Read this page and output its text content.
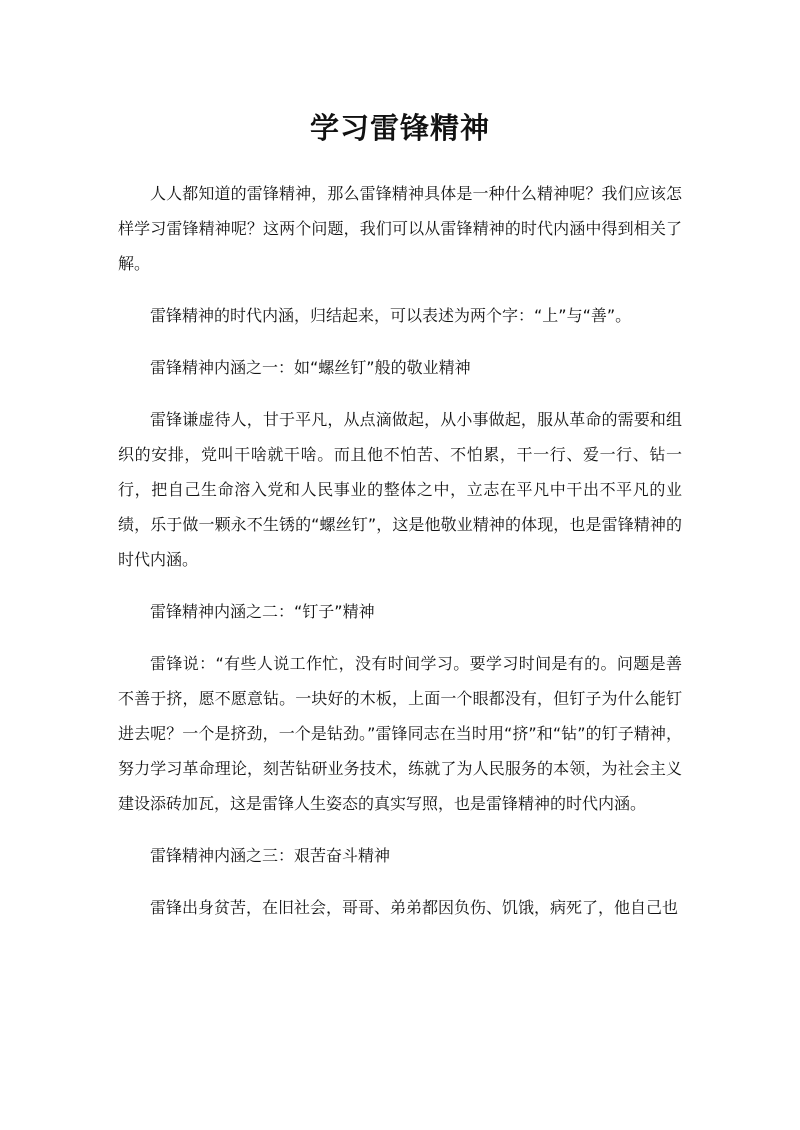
学习雷锋精神

人人都知道的雷锋精神，那么雷锋精神具体是一种什么精神呢？我们应该怎样学习雷锋精神呢？这两个问题，我们可以从雷锋精神的时代内涵中得到相关了解。

雷锋精神的时代内涵，归结起来，可以表述为两个字：“上”与“善”。

雷锋精神内涵之一：如“螺丝钉”般的敬业精神

雷锋谦虚待人，甘于平凡，从点滴做起，从小事做起，服从革命的需要和组织的安排，党叫干啥就干啥。而且他不怕苦、不怕累，干一行、爱一行、钻一行，把自己生命溶入党和人民事业的整体之中，立志在平凡中干出不平凡的业绩，乐于做一颗永不生锈的“螺丝钉”，这是他敬业精神的体现，也是雷锋精神的时代内涵。

雷锋精神内涵之二：“钉子”精神

雷锋说：“有些人说工作忙，没有时间学习。要学习时间是有的。问题是善不善于挤，愿不愿意钻。一块好的木板，上面一个眼都没有，但钉子为什么能钉进去呢？一个是挤劲，一个是钻劲。”雷锋同志在当时用“挤”和“钻”的钉子精神，努力学习革命理论，刻苦钻研业务技术，练就了为人民服务的本领，为社会主义建设添砖加瓦，这是雷锋人生姿态的真实写照，也是雷锋精神的时代内涵。

雷锋精神内涵之三：艰苦奋斗精神

雷锋出身贫苦，在旧社会，哥哥、弟弟都因负伤、饥饿，病死了，他自己也
